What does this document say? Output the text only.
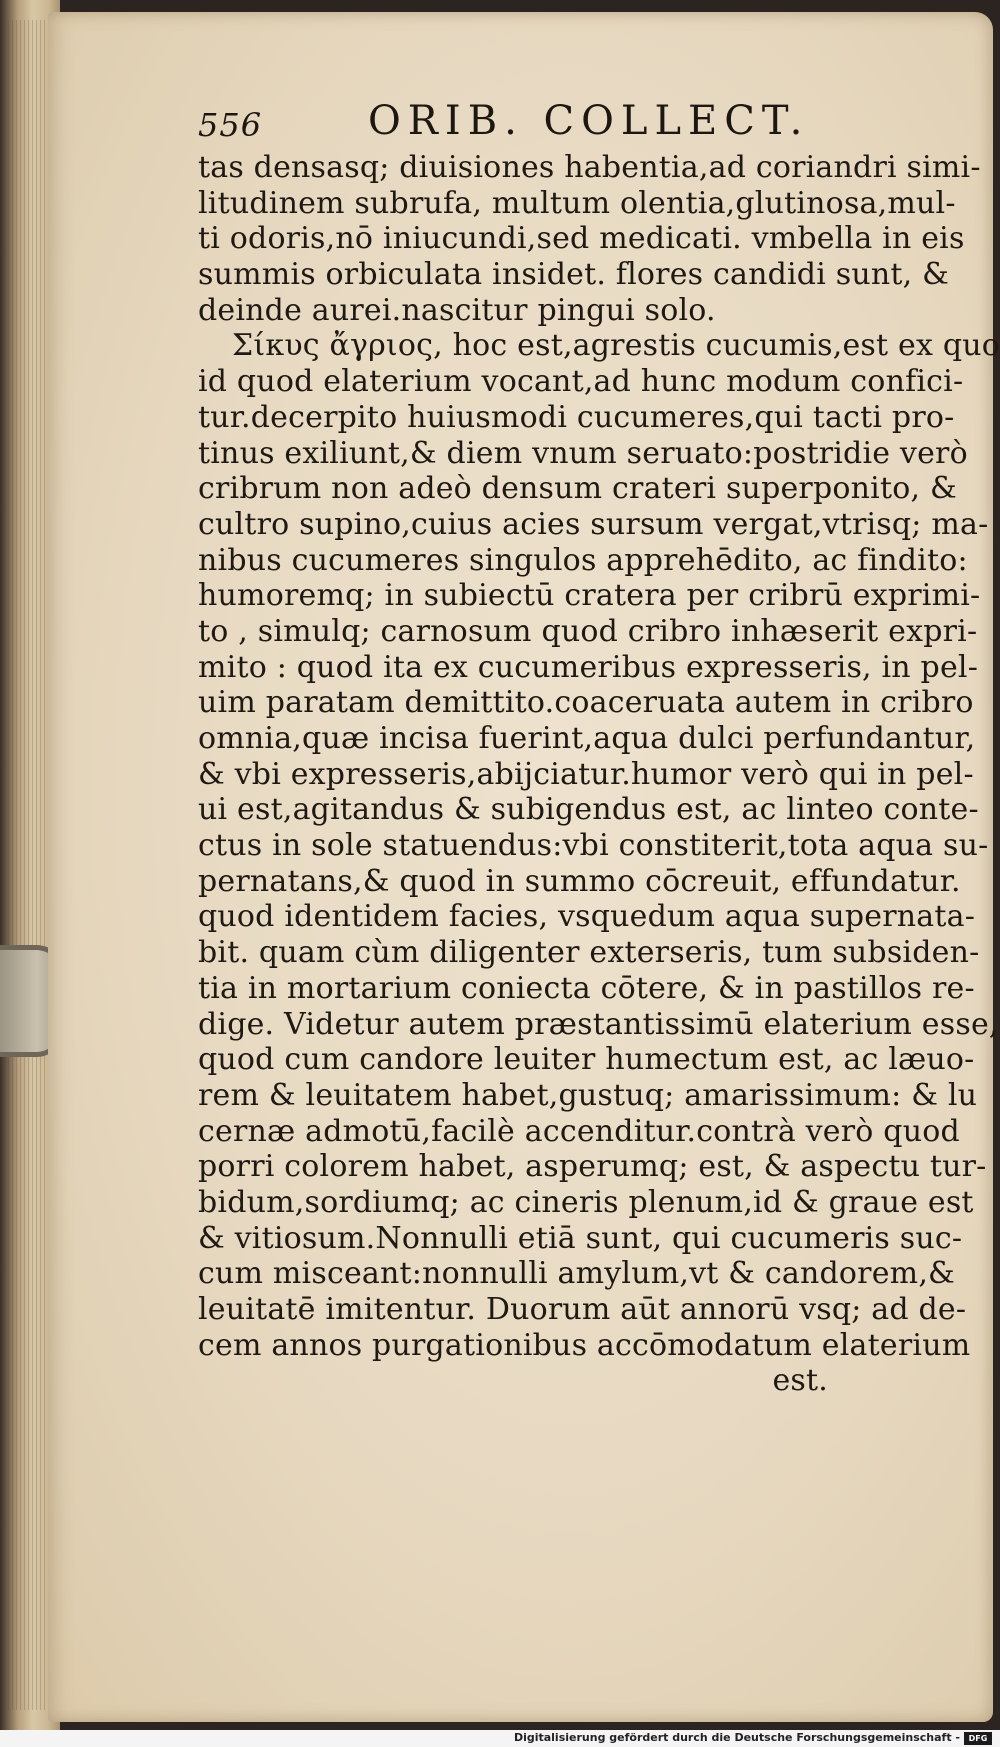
556	ORIB. COLLECT.
tas densasq; diuisiones habentia,ad coriandri simi-
litudinem subrufa, multum olentia,glutinosa,mul-
ti odoris,nō iniucundi,sed medicati. vmbella in eis
summis orbiculata insidet. flores candidi sunt, &
deinde aurei.nascitur pingui solo.
Σίκυς ἄγριος, hoc est,agrestis cucumis,est ex quo
id quod elaterium vocant,ad hunc modum confici-
tur.decerpito huiusmodi cucumeres,qui tacti pro-
tinus exiliunt,& diem vnum seruato:postridie verò
cribrum non adeò densum crateri superponito, &
cultro supino,cuius acies sursum vergat,vtrisq; ma-
nibus cucumeres singulos apprehēdito, ac findito:
humoremq; in subiectū cratera per cribrū exprimi-
to , simulq; carnosum quod cribro inhæserit expri-
mito : quod ita ex cucumeribus expresseris, in pel-
uim paratam demittito.coaceruata autem in cribro
omnia,quæ incisa fuerint,aqua dulci perfundantur,
& vbi expresseris,abijciatur.humor verò qui in pel-
ui est,agitandus & subigendus est, ac linteo conte-
ctus in sole statuendus:vbi constiterit,tota aqua su-
pernatans,& quod in summo cōcreuit, effundatur.
quod identidem facies, vsquedum aqua supernata-
bit. quam cùm diligenter exterseris, tum subsiden-
tia in mortarium coniecta cōtere, & in pastillos re-
dige. Videtur autem præstantissimū elaterium esse,
quod cum candore leuiter humectum est, ac læuo-
rem & leuitatem habet,gustuq; amarissimum: & lu
cernæ admotū,facilè accenditur.contrà verò quod
porri colorem habet, asperumq; est, & aspectu tur-
bidum,sordiumq; ac cineris plenum,id & graue est
& vitiosum.Nonnulli etiā sunt, qui cucumeris suc-
cum misceant:nonnulli amylum,vt & candorem,&
leuitatē imitentur. Duorum aūt annorū vsq; ad de-
cem annos purgationibus accōmodatum elaterium
est.
Digitalisierung gefördert durch die Deutsche Forschungsgemeinschaft -	DFG
